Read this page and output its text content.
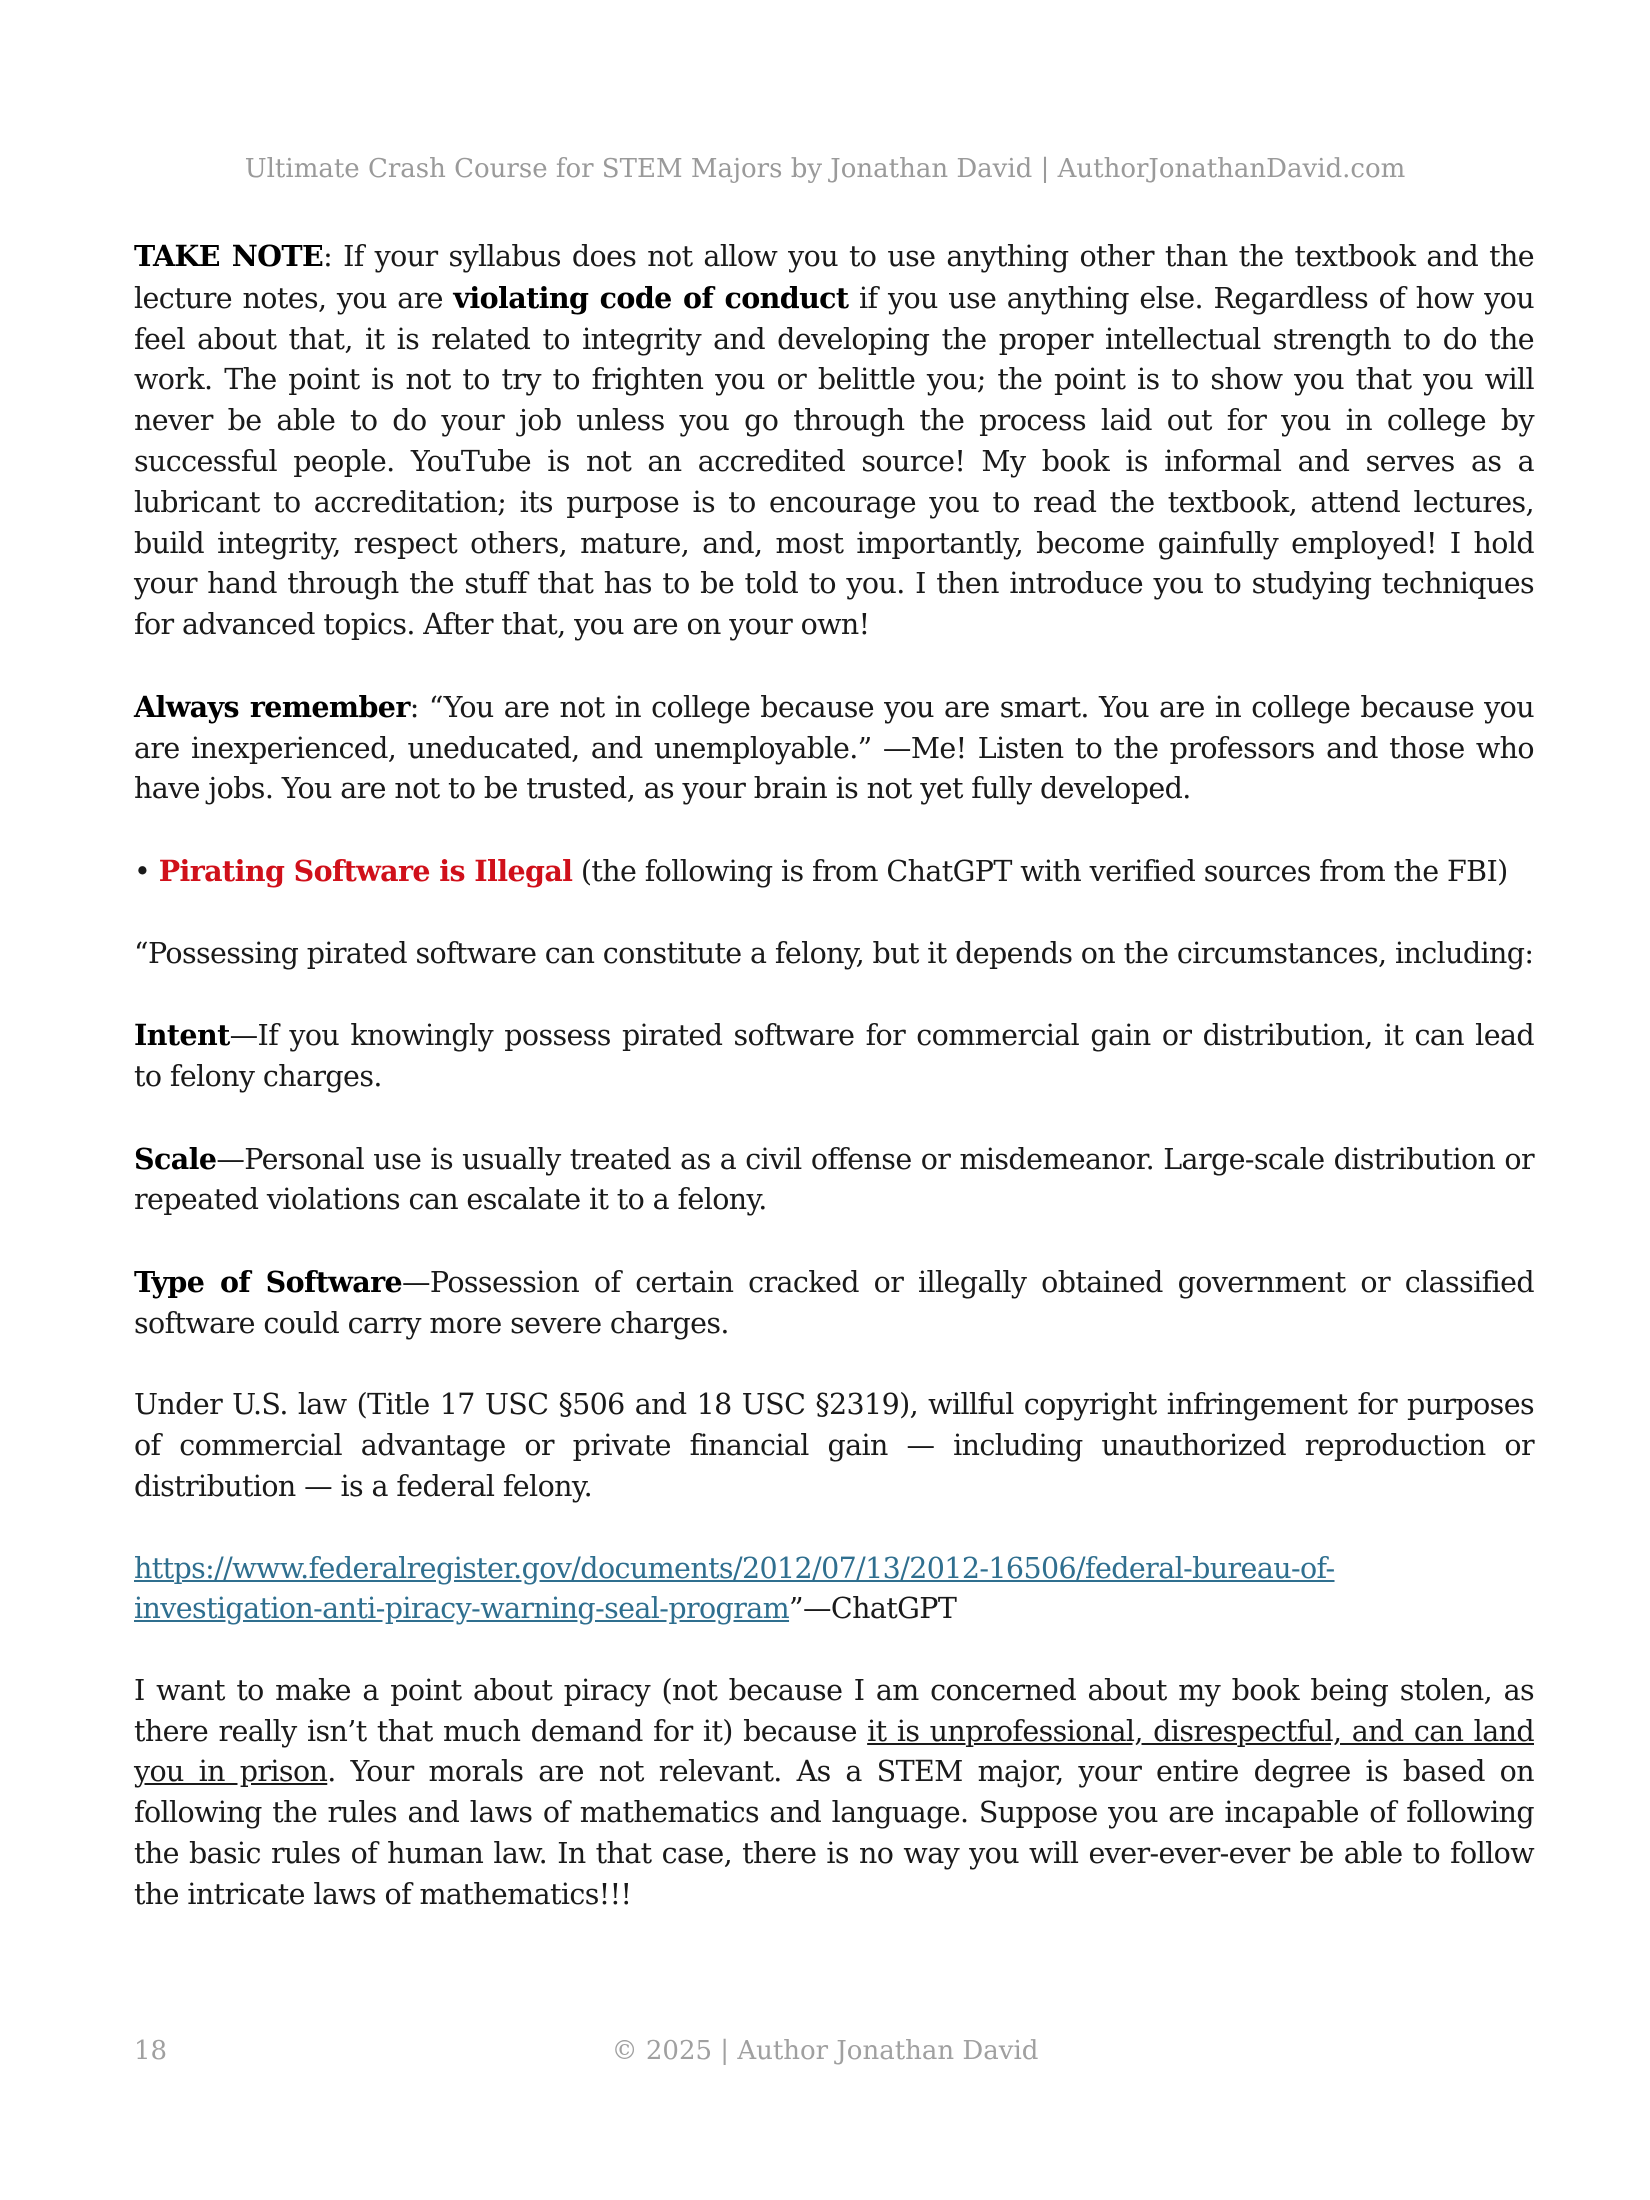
Ultimate Crash Course for STEM Majors by Jonathan David | AuthorJonathanDavid.com

TAKE NOTE: If your syllabus does not allow you to use anything other than the textbook and the lecture notes, you are violating code of conduct if you use anything else. Regardless of how you feel about that, it is related to integrity and developing the proper intellectual strength to do the work. The point is not to try to frighten you or belittle you; the point is to show you that you will never be able to do your job unless you go through the process laid out for you in college by successful people. YouTube is not an accredited source! My book is informal and serves as a lubricant to accreditation; its purpose is to encourage you to read the textbook, attend lectures, build integrity, respect others, mature, and, most importantly, become gainfully employed! I hold your hand through the stuff that has to be told to you. I then introduce you to studying techniques for advanced topics. After that, you are on your own!

Always remember: “You are not in college because you are smart. You are in college because you are inexperienced, uneducated, and unemployable.” —Me! Listen to the professors and those who have jobs. You are not to be trusted, as your brain is not yet fully developed.

• Pirating Software is Illegal (the following is from ChatGPT with verified sources from the FBI)

“Possessing pirated software can constitute a felony, but it depends on the circumstances, including:

Intent—If you knowingly possess pirated software for commercial gain or distribution, it can lead to felony charges.

Scale—Personal use is usually treated as a civil offense or misdemeanor. Large-scale distribution or repeated violations can escalate it to a felony.

Type of Software—Possession of certain cracked or illegally obtained government or classified software could carry more severe charges.

Under U.S. law (Title 17 USC §506 and 18 USC §2319), willful copyright infringement for purposes of commercial advantage or private financial gain — including unauthorized reproduction or distribution — is a federal felony.

https://www.federalregister.gov/documents/2012/07/13/2012-16506/federal-bureau-of-
investigation-anti-piracy-warning-seal-program”—ChatGPT

I want to make a point about piracy (not because I am concerned about my book being stolen, as there really isn’t that much demand for it) because it is unprofessional, disrespectful, and can land you in prison. Your morals are not relevant. As a STEM major, your entire degree is based on following the rules and laws of mathematics and language. Suppose you are incapable of following the basic rules of human law. In that case, there is no way you will ever-ever-ever be able to follow the intricate laws of mathematics!!!

18	© 2025 | Author Jonathan David
